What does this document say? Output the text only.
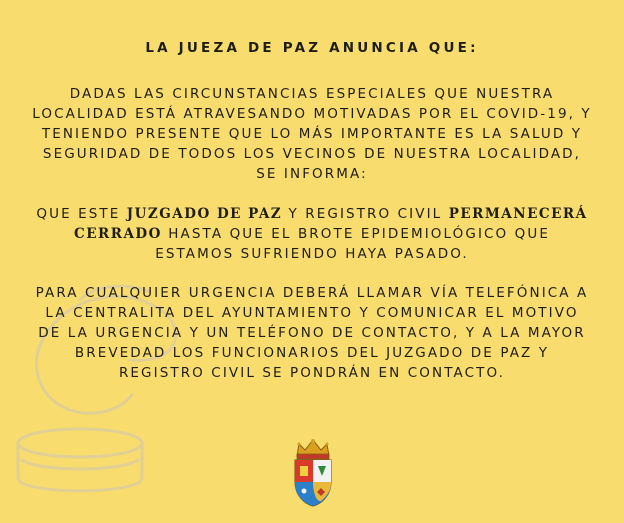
LA JUEZA DE PAZ ANUNCIA QUE:

DADAS LAS CIRCUNSTANCIAS ESPECIALES QUE NUESTRA LOCALIDAD ESTÁ ATRAVESANDO MOTIVADAS POR EL COVID-19, Y TENIENDO PRESENTE QUE LO MÁS IMPORTANTE ES LA SALUD Y SEGURIDAD DE TODOS LOS VECINOS DE NUESTRA LOCALIDAD, SE INFORMA:

QUE ESTE JUZGADO DE PAZ Y REGISTRO CIVIL PERMANECERÁ CERRADO HASTA QUE EL BROTE EPIDEMIOLÓGICO QUE ESTAMOS SUFRIENDO HAYA PASADO.

PARA CUALQUIER URGENCIA DEBERÁ LLAMAR VÍA TELEFÓNICA A LA CENTRALITA DEL AYUNTAMIENTO Y COMUNICAR EL MOTIVO DE LA URGENCIA Y UN TELÉFONO DE CONTACTO, Y A LA MAYOR BREVEDAD LOS FUNCIONARIOS DEL JUZGADO DE PAZ Y REGISTRO CIVIL SE PONDRÁN EN CONTACTO.
